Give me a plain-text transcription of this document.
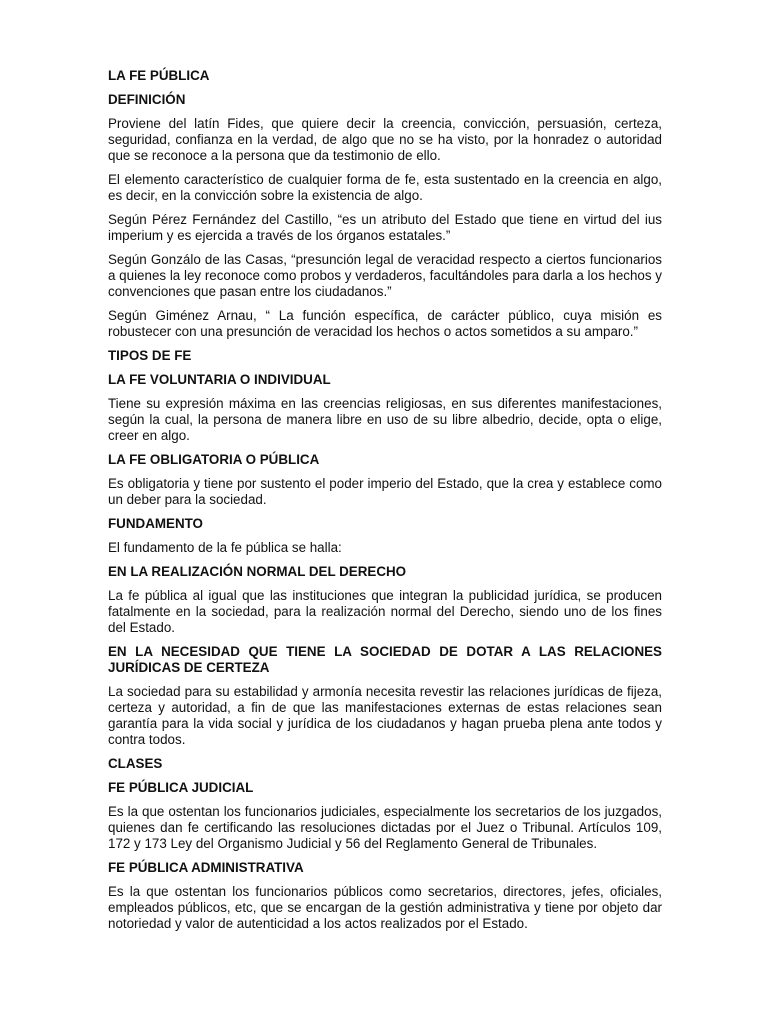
LA FE PÚBLICA
DEFINICIÓN
Proviene del latín Fides, que quiere decir la creencia, convicción, persuasión, certeza, seguridad, confianza en la verdad, de algo que no se ha visto, por la honradez o autoridad que se reconoce a la persona que da testimonio de ello.
El elemento característico de cualquier forma de fe, esta sustentado en la creencia en algo, es decir, en la convicción sobre la existencia de algo.
Según Pérez Fernández del Castillo, “es un atributo del Estado que tiene en virtud del ius imperium y es ejercida a través de los órganos estatales.”
Según Gonzálo de las Casas, “presunción legal de veracidad respecto a ciertos funcionarios a quienes la ley reconoce como probos y verdaderos, facultándoles para darla a los hechos y convenciones que pasan entre los ciudadanos.”
Según Giménez Arnau, “ La función específica, de carácter público, cuya misión es robustecer con una presunción de veracidad los hechos o actos sometidos a su amparo.”
TIPOS DE FE
LA FE VOLUNTARIA O INDIVIDUAL
Tiene su expresión máxima en las creencias religiosas, en sus diferentes manifestaciones, según la cual, la persona de manera libre en uso de su libre albedrio, decide, opta o elige, creer en algo.
LA FE OBLIGATORIA O PÚBLICA
Es obligatoria y tiene por sustento el poder imperio del Estado, que la crea y establece como un deber para la sociedad.
FUNDAMENTO
El fundamento de la fe pública se halla:
EN LA REALIZACIÓN NORMAL DEL DERECHO
La fe pública al igual que las instituciones que integran la publicidad jurídica, se producen fatalmente en la sociedad, para la realización normal del Derecho, siendo uno de los fines del Estado.
EN LA NECESIDAD QUE TIENE LA SOCIEDAD DE DOTAR A LAS RELACIONES JURÍDICAS DE CERTEZA
La sociedad para su estabilidad y armonía necesita revestir las relaciones jurídicas de fijeza, certeza y autoridad, a fin de que las manifestaciones externas de estas relaciones sean garantía para la vida social y jurídica de los ciudadanos y hagan prueba plena ante todos y contra todos.
CLASES
FE PÚBLICA JUDICIAL
Es la que ostentan los funcionarios judiciales, especialmente los secretarios de los juzgados, quienes dan fe certificando las resoluciones dictadas por el Juez o Tribunal. Artículos 109, 172 y 173 Ley del Organismo Judicial y 56 del Reglamento General de Tribunales.
FE PÚBLICA ADMINISTRATIVA
Es la que ostentan los funcionarios públicos como secretarios, directores, jefes, oficiales, empleados públicos, etc, que se encargan de la gestión administrativa y tiene por objeto dar notoriedad y valor de autenticidad a los actos realizados por el Estado.
